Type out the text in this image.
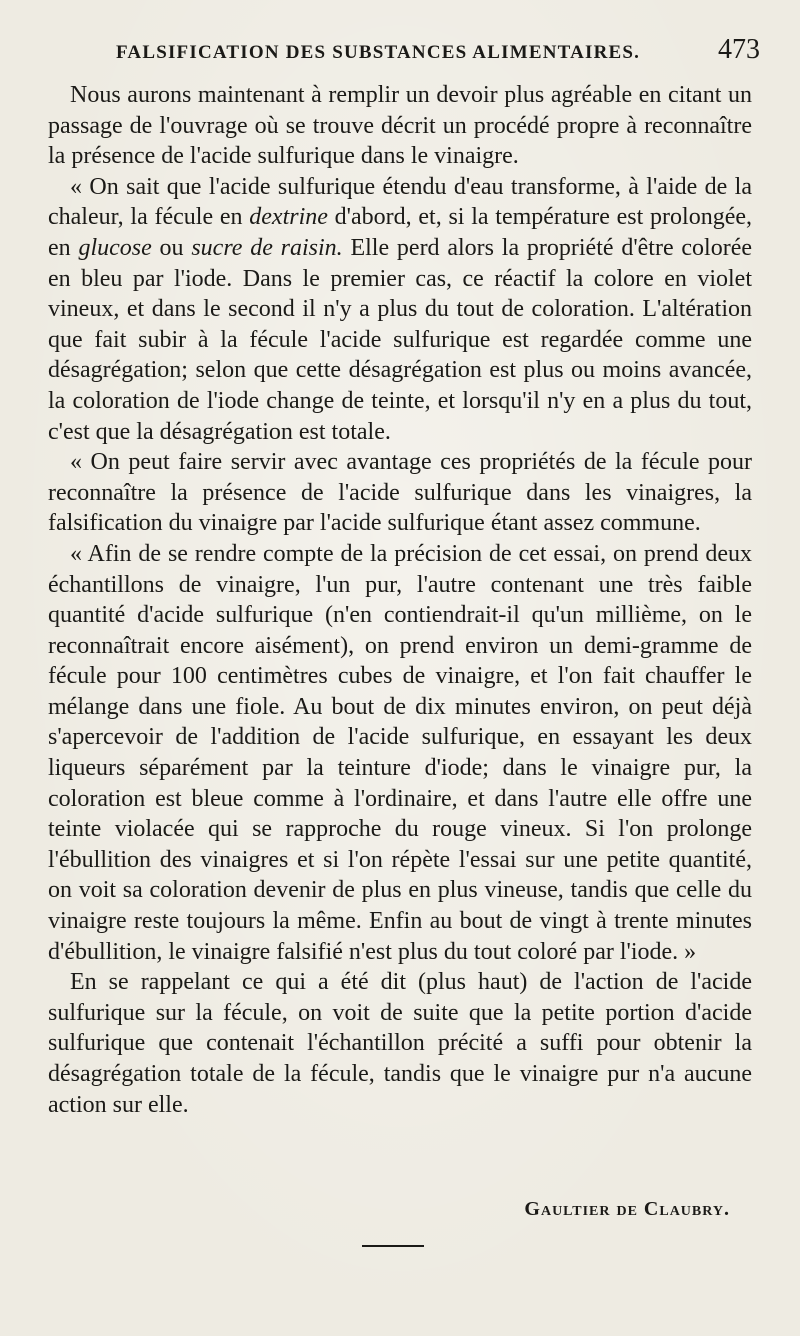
FALSIFICATION DES SUBSTANCES ALIMENTAIRES.	473

Nous aurons maintenant à remplir un devoir plus agréable en citant un passage de l'ouvrage où se trouve décrit un procédé propre à reconnaître la présence de l'acide sulfurique dans le vinaigre.

« On sait que l'acide sulfurique étendu d'eau transforme, à l'aide de la chaleur, la fécule en dextrine d'abord, et, si la température est prolongée, en glucose ou sucre de raisin. Elle perd alors la propriété d'être colorée en bleu par l'iode. Dans le premier cas, ce réactif la colore en violet vineux, et dans le second il n'y a plus du tout de coloration. L'altération que fait subir à la fécule l'acide sulfurique est regardée comme une désagrégation; selon que cette désagrégation est plus ou moins avancée, la coloration de l'iode change de teinte, et lorsqu'il n'y en a plus du tout, c'est que la désagrégation est totale.

« On peut faire servir avec avantage ces propriétés de la fécule pour reconnaître la présence de l'acide sulfurique dans les vinaigres, la falsification du vinaigre par l'acide sulfurique étant assez commune.

« Afin de se rendre compte de la précision de cet essai, on prend deux échantillons de vinaigre, l'un pur, l'autre contenant une très faible quantité d'acide sulfurique (n'en contiendrait-il qu'un millième, on le reconnaîtrait encore aisément), on prend environ un demi-gramme de fécule pour 100 centimètres cubes de vinaigre, et l'on fait chauffer le mélange dans une fiole. Au bout de dix minutes environ, on peut déjà s'apercevoir de l'addition de l'acide sulfurique, en essayant les deux liqueurs séparément par la teinture d'iode; dans le vinaigre pur, la coloration est bleue comme à l'ordinaire, et dans l'autre elle offre une teinte violacée qui se rapproche du rouge vineux. Si l'on prolonge l'ébullition des vinaigres et si l'on répète l'essai sur une petite quantité, on voit sa coloration devenir de plus en plus vineuse, tandis que celle du vinaigre reste toujours la même. Enfin au bout de vingt à trente minutes d'ébullition, le vinaigre falsifié n'est plus du tout coloré par l'iode. »

En se rappelant ce qui a été dit (plus haut) de l'action de l'acide sulfurique sur la fécule, on voit de suite que la petite portion d'acide sulfurique que contenait l'échantillon précité a suffi pour obtenir la désagrégation totale de la fécule, tandis que le vinaigre pur n'a aucune action sur elle.

Gaultier de Claubry.
